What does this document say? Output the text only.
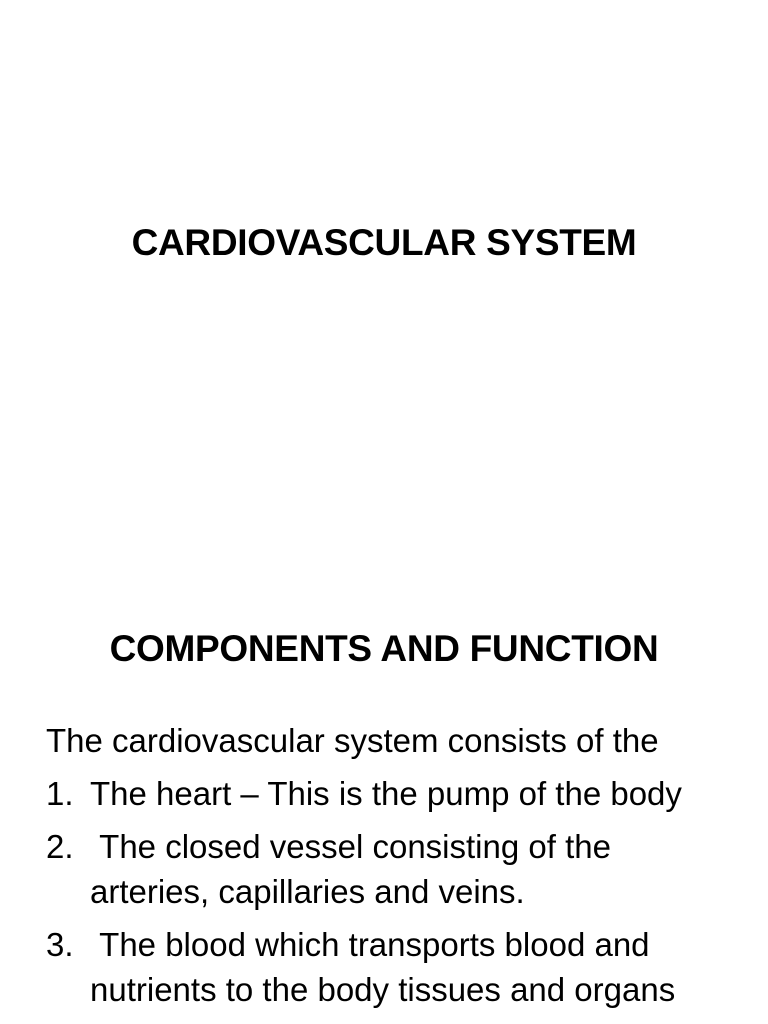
CARDIOVASCULAR SYSTEM
COMPONENTS AND FUNCTION
The cardiovascular system consists of the
1. The heart – This is the pump of the body
2. The closed vessel consisting of the arteries, capillaries and veins.
3. The blood which transports blood and nutrients to the body tissues and organs
